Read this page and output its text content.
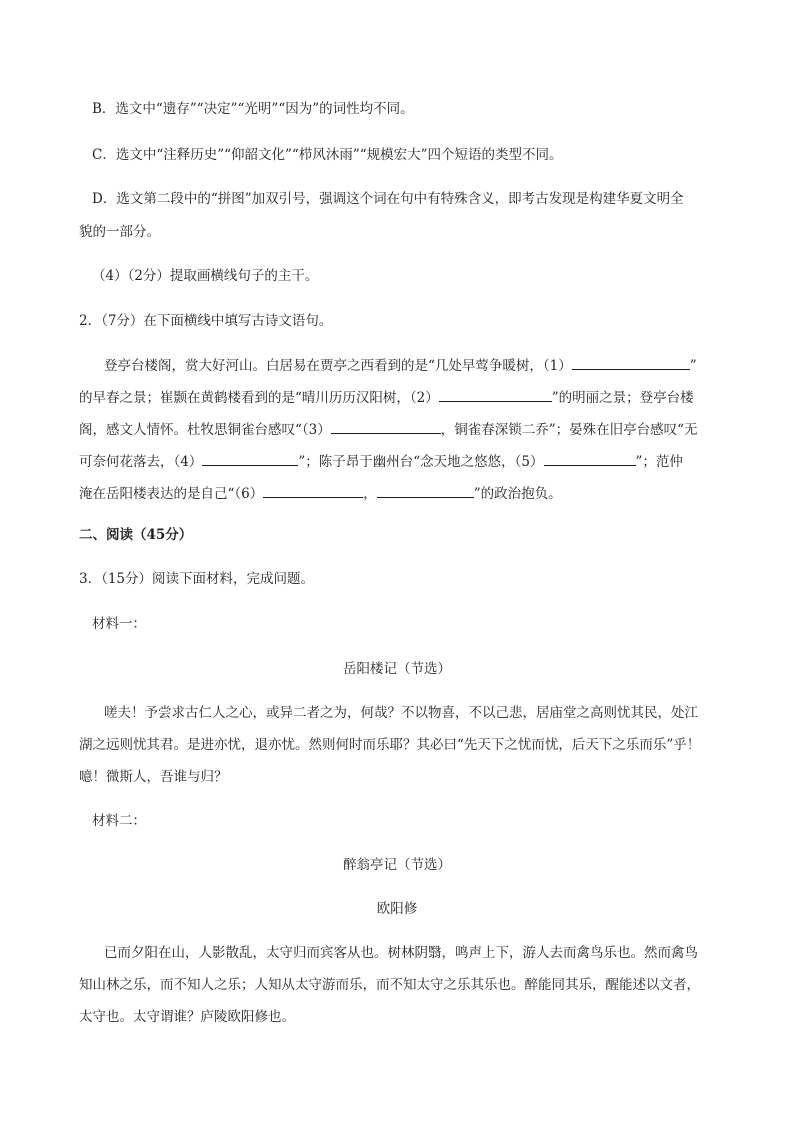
B．选文中“遗存”“决定”“光明”“因为”的词性均不同。
C．选文中“注释历史”“仰韶文化”“栉风沐雨”“规模宏大”四个短语的类型不同。
D．选文第二段中的“拼图”加双引号，强调这个词在句中有特殊含义，即考古发现是构建华夏文明全
貌的一部分。
（4）（2分）提取画横线句子的主干。
2．（7分）在下面横线中填写古诗文语句。
登亭台楼阁，赏大好河山。白居易在贾亭之西看到的是“几处早莺争暖树，（1）	”
的早春之景；崔颢在黄鹤楼看到的是“晴川历历汉阳树，（2）	”的明丽之景；登亭台楼
阁，感文人情怀。杜牧思铜雀台感叹“（3）	，铜雀春深锁二乔”；晏殊在旧亭台感叹“无
可奈何花落去，（4）	”；陈子昂于幽州台“念天地之悠悠，（5）	”；范仲
淹在岳阳楼表达的是自己“（6）	，	”的政治抱负。
二、阅读（45分）
3．（15分）阅读下面材料，完成问题。
材料一：
岳阳楼记（节选）
嗟夫！予尝求古仁人之心，或异二者之为，何哉？不以物喜，不以己悲，居庙堂之高则忧其民，处江
湖之远则忧其君。是进亦忧，退亦忧。然则何时而乐耶？其必曰“先天下之忧而忧，后天下之乐而乐”乎！
噫！微斯人，吾谁与归？
材料二：
醉翁亭记（节选）
欧阳修
已而夕阳在山，人影散乱，太守归而宾客从也。树林阴翳，鸣声上下，游人去而禽鸟乐也。然而禽鸟
知山林之乐，而不知人之乐；人知从太守游而乐，而不知太守之乐其乐也。醉能同其乐，醒能述以文者，
太守也。太守谓谁？庐陵欧阳修也。
